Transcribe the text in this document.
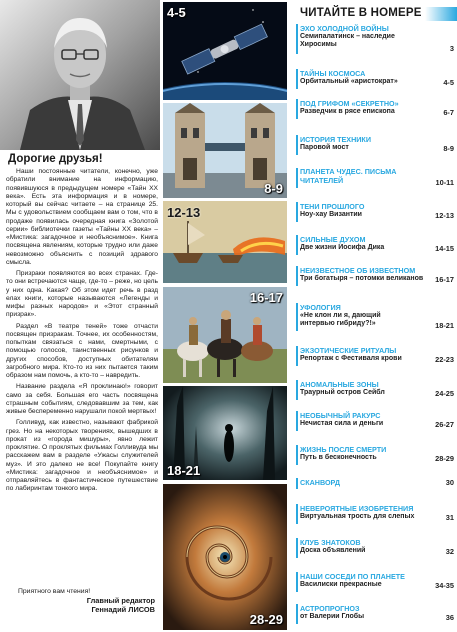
Дорогие друзья!

Наши постоянные читатели, конечно, уже обратили внимание на информацию, появившуюся в предыдущем номере «Тайн XX века». Есть эта информация и в номере, который вы сейчас читаете – на странице 25. Мы с удовольствием сообщаем вам о том, что в продаже появилась очередная книга «Золотой серии» библиотечки газеты «Тайны XX века» – «Мистика: загадочное и необъяснимое». Книга посвящена явлениям, которые трудно или даже невозможно объяснить с позиций здравого смысла.

Призраки появляются во всех странах. Где-то они встречаются чаще, где-то – реже, но цель у них одна. Какая? Об этом идет речь в разд елах книги, которые называются «Легенды и мифы разных народов» и «Этот странный призрак».

Раздел «В театре теней» тоже отчасти посвящен призракам. Точнее, их особенностям, попыткам связаться с нами, смертными, с помощью голосов, таинственных рисунков и других способов, доступных обитателям загробного мира. Кто-то из них пытается таким образом нам помочь, а кто-то – навредить.

Название раздела «Я проклинаю!» говорит само за себя. Большая его часть посвящена страшным событиям, следовавшим за тем, как живые беспеременно нарушали покой мертвых!

Голливуд, как известно, называют фабрикой грез. Но на некоторых творениях, вышедших в прокат из «города мишуры», явно лежит проклятие. О проклятых фильмах Голливуда мы расскажем вам в разделе «Ужасы служителей муз». И это далеко не все! Покупайте книгу «Мистика: загадочное и необъяснимое» и отправляйтесь в фантастическое путешествие по лабиринтам тонкого мира.

Приятного вам чтения!
Главный редактор
Геннадий ЛИСОВ
4-5
8-9
12-13
16-17
18-21
28-29
ЧИТАЙТЕ В НОМЕРЕ
ЭХО ХОЛОДНОЙ ВОЙНЫ
Семипалатинск – наследие Хиросимы	3
ТАЙНЫ КОСМОСА
Орбитальный «аристократ»	4-5
ПОД ГРИФОМ «СЕКРЕТНО»
Разведчик в рясе епископа	6-7
ИСТОРИЯ ТЕХНИКИ
Паровой мост	8-9
ПЛАНЕТА ЧУДЕС. ПИСЬМА ЧИТАТЕЛЕЙ	10-11
ТЕНИ ПРОШЛОГО
Ноу-хау Византии	12-13
СИЛЬНЫЕ ДУХОМ
Две жизни Иосифа Дика	14-15
НЕИЗВЕСТНОЕ ОБ ИЗВЕСТНОМ
Три богатыря – потомки великанов	16-17
УФОЛОГИЯ
«Не клон ли я, дающий интервью гибриду?!»	18-21
ЭКЗОТИЧЕСКИЕ РИТУАЛЫ
Репортаж с Фестиваля крови	22-23
АНОМАЛЬНЫЕ ЗОНЫ
Траурный остров Сейбл	24-25
НЕОБЫЧНЫЙ РАКУРС
Нечистая сила и деньги	26-27
ЖИЗНЬ ПОСЛЕ СМЕРТИ
Путь в бесконечность	28-29
СКАНВОРД	30
НЕВЕРОЯТНЫЕ ИЗОБРЕТЕНИЯ
Виртуальная трость для слепых	31
КЛУБ ЗНАТОКОВ
Доска объявлений	32
НАШИ СОСЕДИ ПО ПЛАНЕТЕ
Василиски прекрасные	34-35
АСТРОПРОГНОЗ
от Валерии Глобы	36
